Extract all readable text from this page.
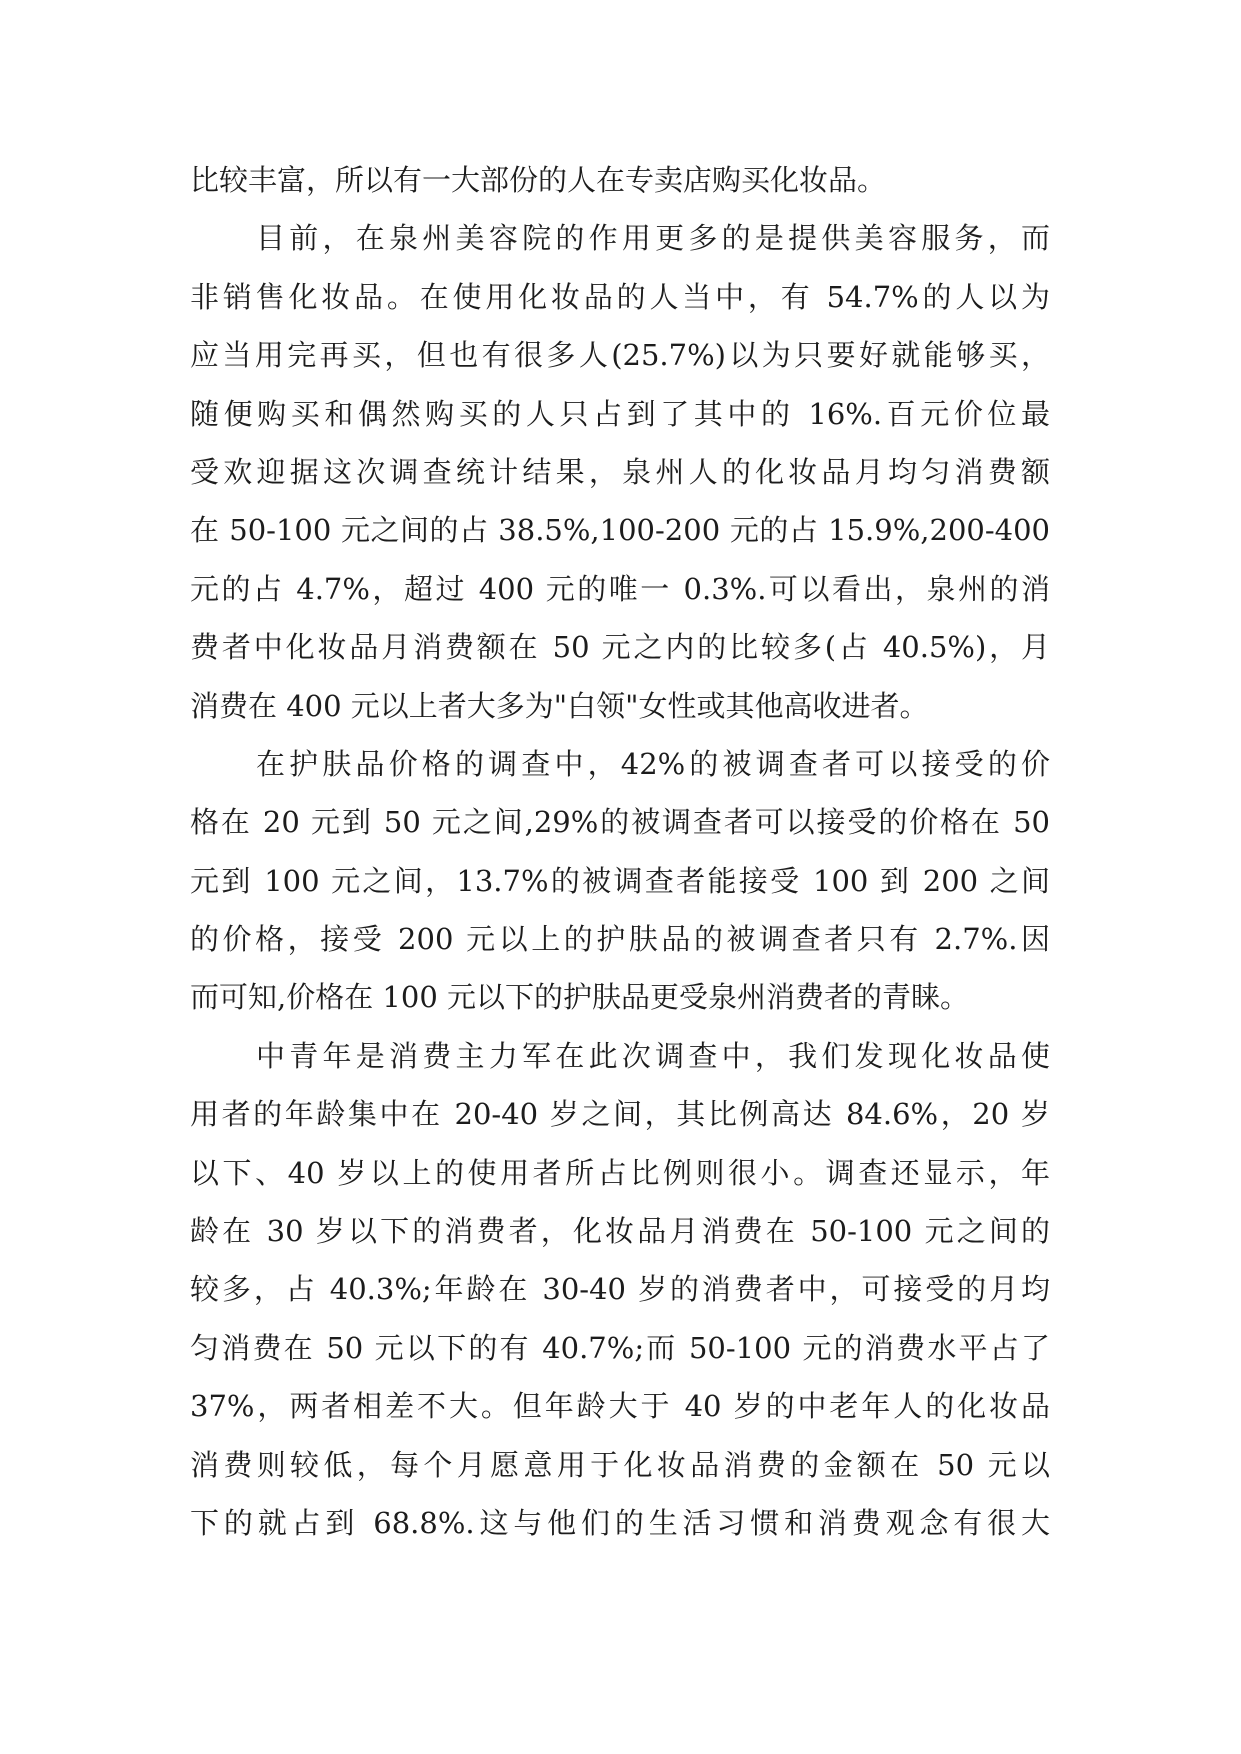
比较丰富，所以有一大部份的人在专卖店购买化妆品。
目前，在泉州美容院的作用更多的是提供美容服务，而
非销售化妆品。在使用化妆品的人当中，有 54.7%的人以为
应当用完再买，但也有很多人(25.7%)以为只要好就能够买，
随便购买和偶然购买的人只占到了其中的 16%.百元价位最
受欢迎据这次调查统计结果，泉州人的化妆品月均匀消费额
在 50-100 元之间的占 38.5%,100-200 元的占 15.9%,200-400
元的占 4.7%，超过 400 元的唯一 0.3%.可以看出，泉州的消
费者中化妆品月消费额在 50 元之内的比较多(占 40.5%)，月
消费在 400 元以上者大多为"白领"女性或其他高收进者。
在护肤品价格的调查中，42%的被调查者可以接受的价
格在 20 元到 50 元之间,29%的被调查者可以接受的价格在 50
元到 100 元之间，13.7%的被调查者能接受 100 到 200 之间
的价格，接受 200 元以上的护肤品的被调查者只有 2.7%.因
而可知,价格在 100 元以下的护肤品更受泉州消费者的青睐。
中青年是消费主力军在此次调查中，我们发现化妆品使
用者的年龄集中在 20-40 岁之间，其比例高达 84.6%，20 岁
以下、40 岁以上的使用者所占比例则很小。调查还显示，年
龄在 30 岁以下的消费者，化妆品月消费在 50-100 元之间的
较多，占 40.3%;年龄在 30-40 岁的消费者中，可接受的月均
匀消费在 50 元以下的有 40.7%;而 50-100 元的消费水平占了
37%，两者相差不大。但年龄大于 40 岁的中老年人的化妆品
消费则较低，每个月愿意用于化妆品消费的金额在 50 元以
下的就占到 68.8%.这与他们的生活习惯和消费观念有很大
